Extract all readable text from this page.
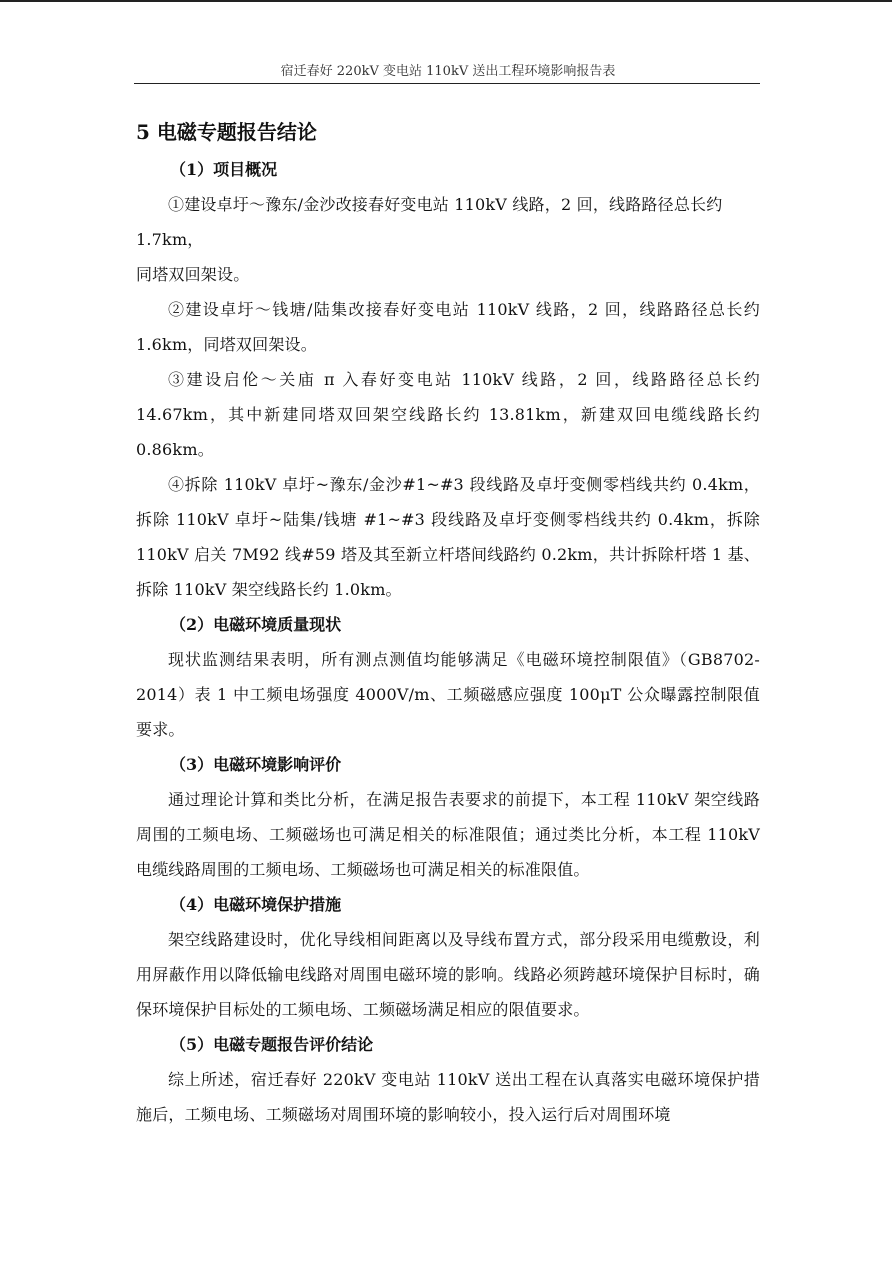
宿迁春好 220kV 变电站 110kV 送出工程环境影响报告表
5 电磁专题报告结论
（1）项目概况

①建设卓圩～豫东/金沙改接春好变电站 110kV 线路，2 回，线路路径总长约 1.7km，

同塔双回架设。

②建设卓圩～钱塘/陆集改接春好变电站 110kV 线路，2 回，线路路径总长约 1.6km，同塔双回架设。

③建设启伦～关庙 π 入春好变电站 110kV 线路，2 回，线路路径总长约 14.67km，其中新建同塔双回架空线路长约 13.81km，新建双回电缆线路长约 0.86km。

④拆除 110kV 卓圩~豫东/金沙#1~#3 段线路及卓圩变侧零档线共约 0.4km，拆除 110kV 卓圩~陆集/钱塘 #1~#3 段线路及卓圩变侧零档线共约 0.4km，拆除 110kV 启关 7M92 线#59 塔及其至新立杆塔间线路约 0.2km，共计拆除杆塔 1 基、拆除 110kV 架空线路长约 1.0km。

（2）电磁环境质量现状

现状监测结果表明，所有测点测值均能够满足《电磁环境控制限值》（GB8702-2014）表 1 中工频电场强度 4000V/m、工频磁感应强度 100μT 公众曝露控制限值要求。

（3）电磁环境影响评价

通过理论计算和类比分析，在满足报告表要求的前提下，本工程 110kV 架空线路周围的工频电场、工频磁场也可满足相关的标准限值；通过类比分析，本工程 110kV 电缆线路周围的工频电场、工频磁场也可满足相关的标准限值。

（4）电磁环境保护措施

架空线路建设时，优化导线相间距离以及导线布置方式，部分段采用电缆敷设，利用屏蔽作用以降低输电线路对周围电磁环境的影响。线路必须跨越环境保护目标时，确保环境保护目标处的工频电场、工频磁场满足相应的限值要求。

（5）电磁专题报告评价结论

综上所述，宿迁春好 220kV 变电站 110kV 送出工程在认真落实电磁环境保护措施后，工频电场、工频磁场对周围环境的影响较小，投入运行后对周围环境
